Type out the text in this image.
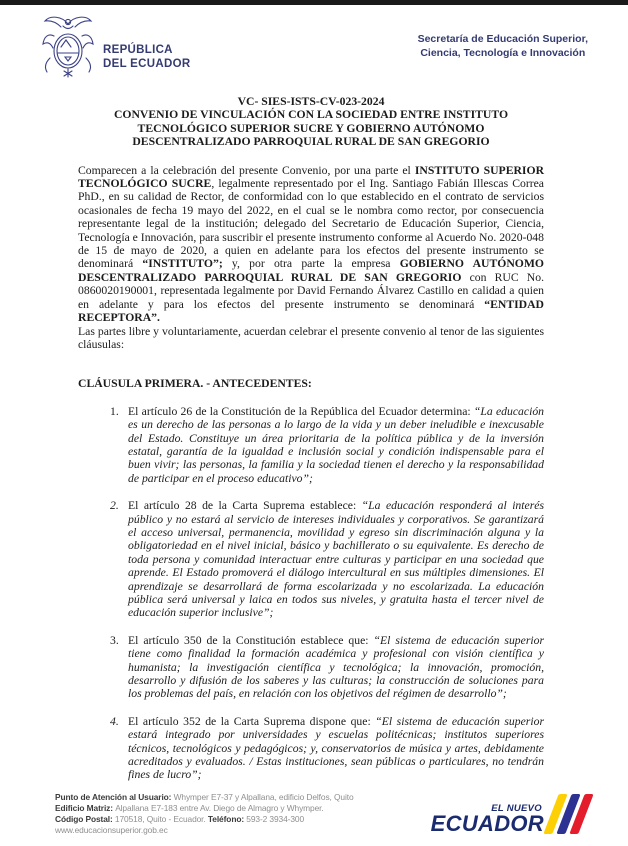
REPÚBLICA
DEL ECUADOR
Secretaría de Educación Superior,
Ciencia, Tecnología e Innovación
VC- SIES-ISTS-CV-023-2024
CONVENIO DE VINCULACIÓN CON LA SOCIEDAD ENTRE INSTITUTO TECNOLÓGICO SUPERIOR SUCRE Y GOBIERNO AUTÓNOMO DESCENTRALIZADO PARROQUIAL RURAL DE SAN GREGORIO

Comparecen a la celebración del presente Convenio, por una parte el INSTITUTO SUPERIOR TECNOLÓGICO SUCRE, legalmente representado por el Ing. Santiago Fabián Illescas Correa PhD., en su calidad de Rector, de conformidad con lo que establecido en el contrato de servicios ocasionales de fecha 19 mayo del 2022, en el cual se le nombra como rector, por consecuencia representante legal de la institución; delegado del Secretario de Educación Superior, Ciencia, Tecnología e Innovación, para suscribir el presente instrumento conforme al Acuerdo No. 2020-048 de 15 de mayo de 2020, a quien en adelante para los efectos del presente instrumento se denominará “INSTITUTO”; y, por otra parte la empresa GOBIERNO AUTÓNOMO DESCENTRALIZADO PARROQUIAL RURAL DE SAN GREGORIO con RUC No. 0860020190001, representada legalmente por David Fernando Álvarez Castillo en calidad a quien en adelante y para los efectos del presente instrumento se denominará “ENTIDAD RECEPTORA”.

Las partes libre y voluntariamente, acuerdan celebrar el presente convenio al tenor de las siguientes cláusulas:

CLÁUSULA PRIMERA. - ANTECEDENTES:
1. El artículo 26 de la Constitución de la República del Ecuador determina: “La educación es un derecho de las personas a lo largo de la vida y un deber ineludible e inexcusable del Estado. Constituye un área prioritaria de la política pública y de la inversión estatal, garantía de la igualdad e inclusión social y condición indispensable para el buen vivir; las personas, la familia y la sociedad tienen el derecho y la responsabilidad de participar en el proceso educativo”;
2. El artículo 28 de la Carta Suprema establece: “La educación responderá al interés público y no estará al servicio de intereses individuales y corporativos. Se garantizará el acceso universal, permanencia, movilidad y egreso sin discriminación alguna y la obligatoriedad en el nivel inicial, básico y bachillerato o su equivalente. Es derecho de toda persona y comunidad interactuar entre culturas y participar en una sociedad que aprende. El Estado promoverá el diálogo intercultural en sus múltiples dimensiones. El aprendizaje se desarrollará de forma escolarizada y no escolarizada. La educación pública será universal y laica en todos sus niveles, y gratuita hasta el tercer nivel de educación superior inclusive”;
3. El artículo 350 de la Constitución establece que: “El sistema de educación superior tiene como finalidad la formación académica y profesional con visión científica y humanista; la investigación científica y tecnológica; la innovación, promoción, desarrollo y difusión de los saberes y las culturas; la construcción de soluciones para los problemas del país, en relación con los objetivos del régimen de desarrollo”;
4. El artículo 352 de la Carta Suprema dispone que: “El sistema de educación superior estará integrado por universidades y escuelas politécnicas; institutos superiores técnicos, tecnológicos y pedagógicos; y, conservatorios de música y artes, debidamente acreditados y evaluados. / Estas instituciones, sean públicas o particulares, no tendrán fines de lucro”;
Punto de Atención al Usuario: Whymper E7-37 y Alpallana, edificio Delfos, Quito
Edificio Matriz: Alpallana E7-183 entre Av. Diego de Almagro y Whymper.
Código Postal: 170518, Quito - Ecuador. Teléfono: 593-2 3934-300
www.educacionsuperior.gob.ec
EL NUEVO
ECUADOR
